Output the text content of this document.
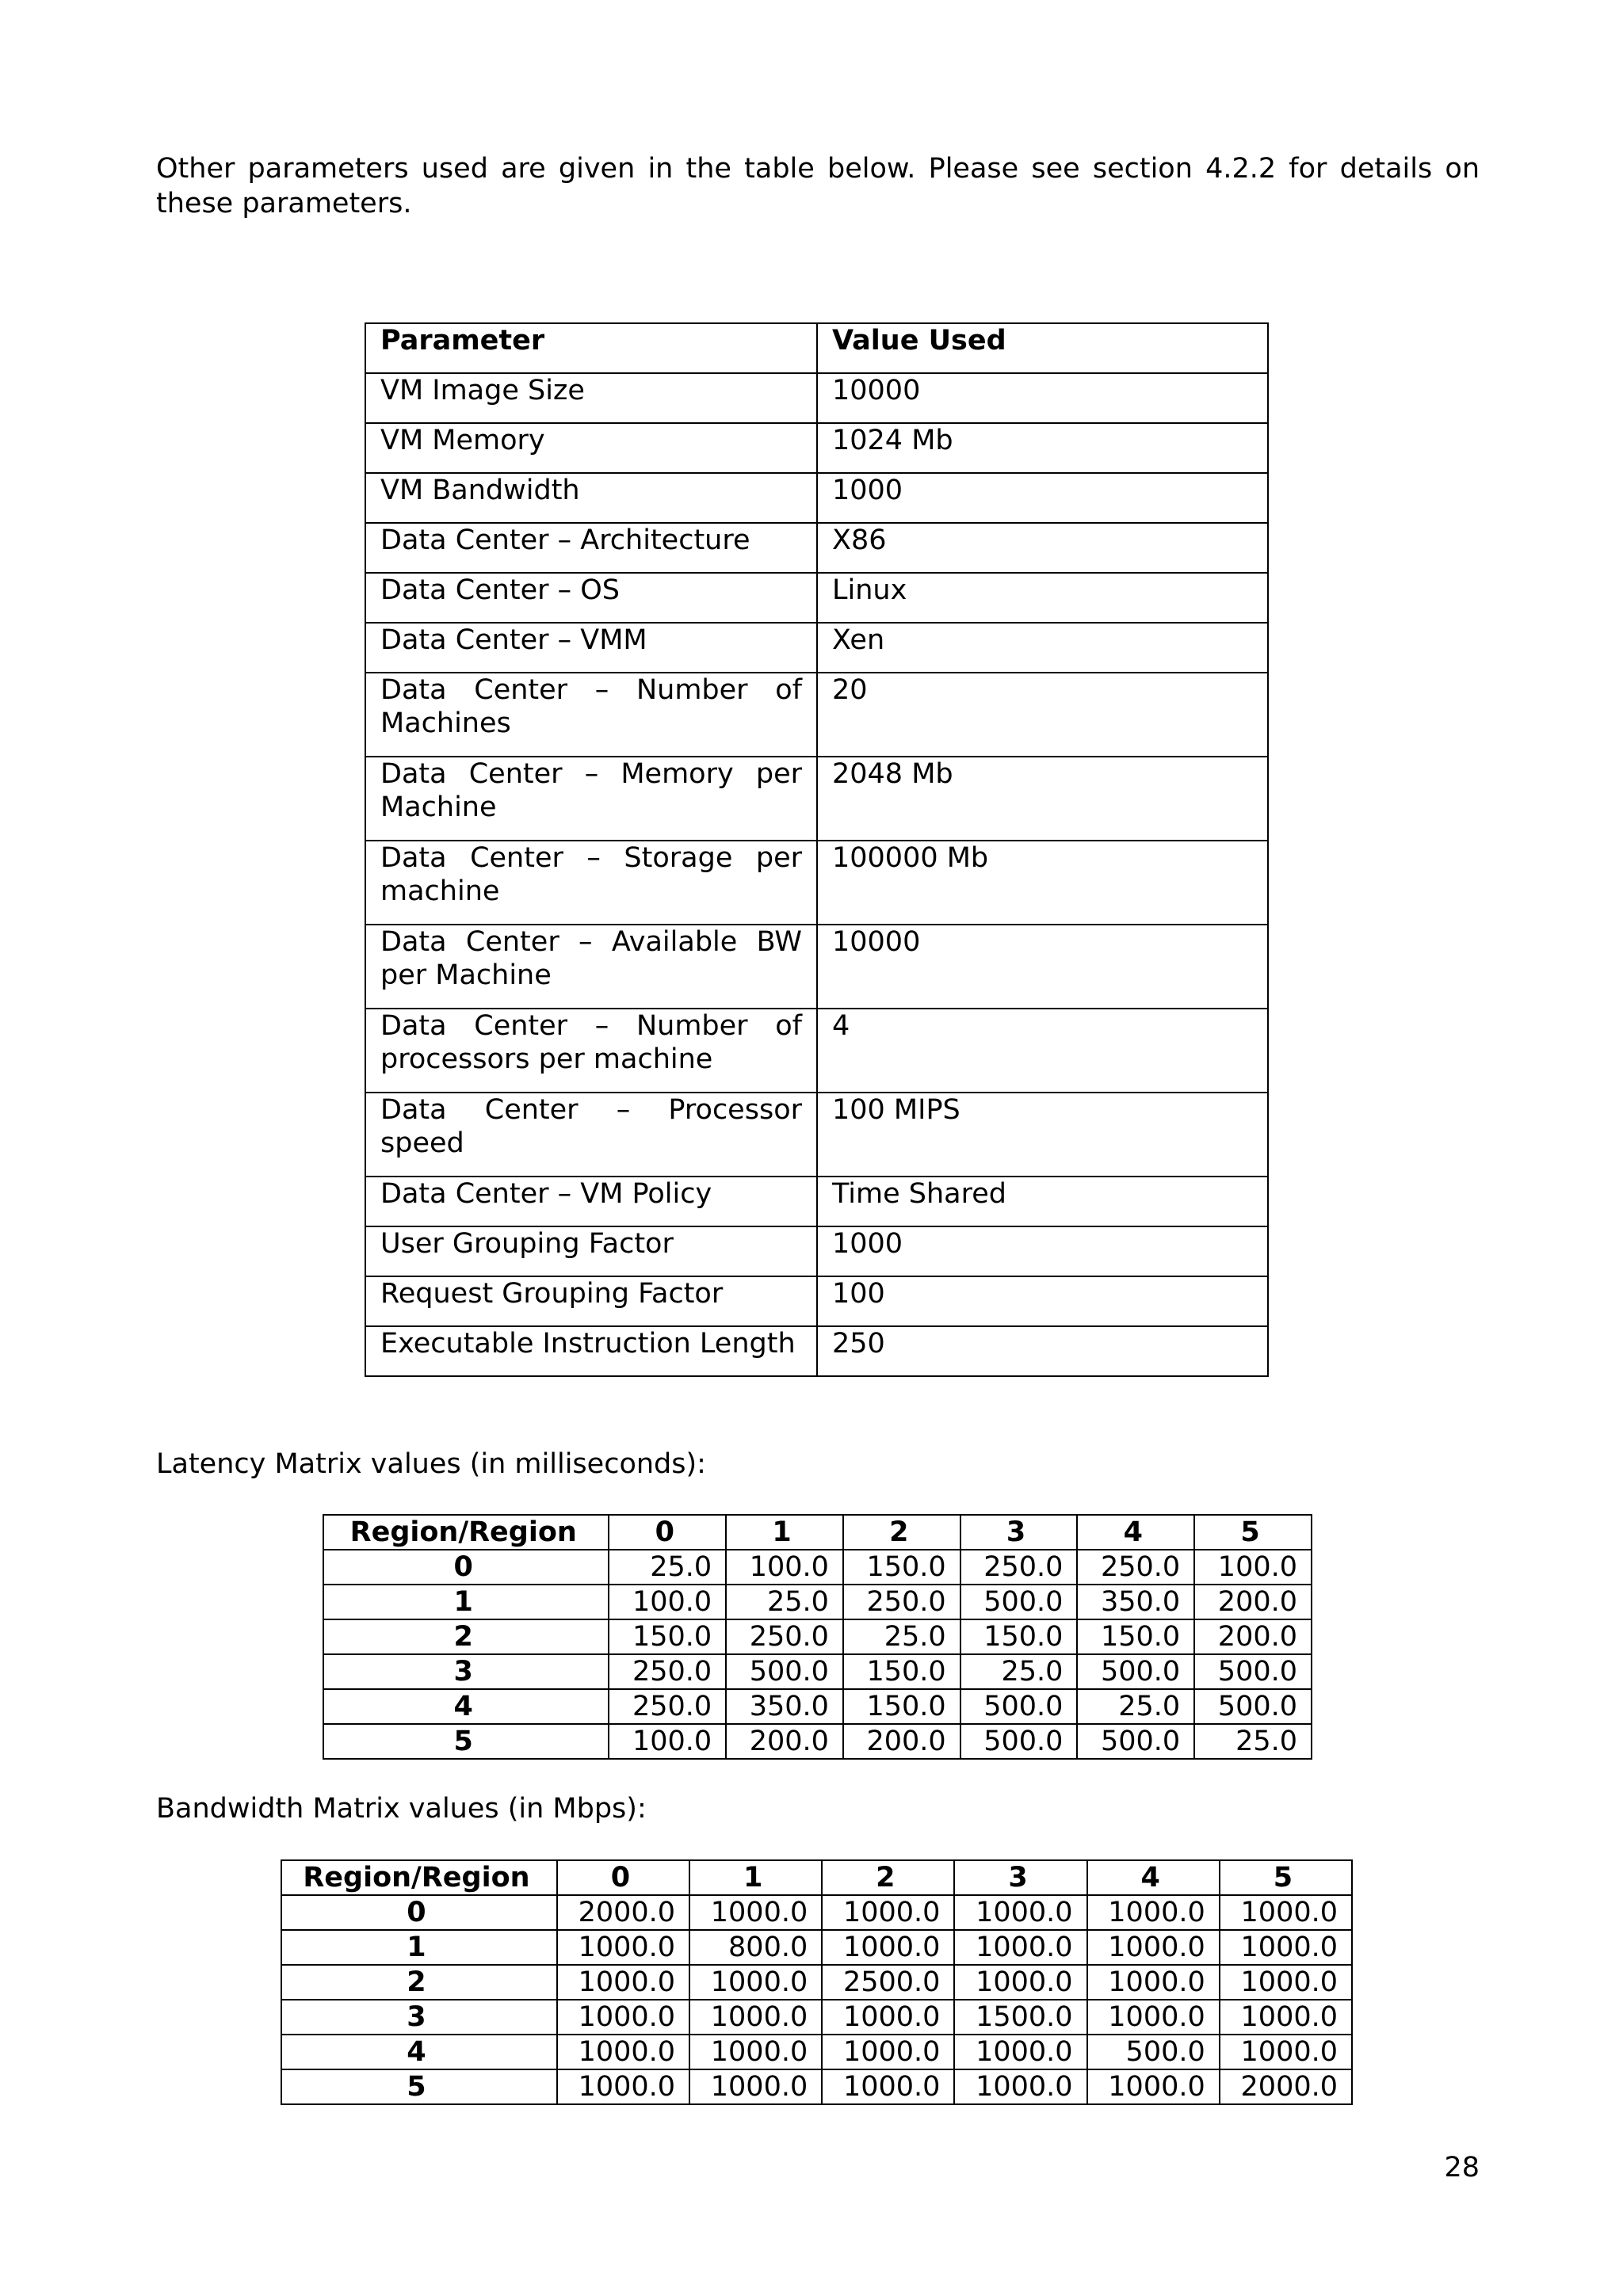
Other parameters used are given in the table below. Please see section 4.2.2 for details on these parameters.

Parameter	Value Used
VM Image Size	10000
VM Memory	1024 Mb
VM Bandwidth	1000
Data Center – Architecture	X86
Data Center – OS	Linux
Data Center – VMM	Xen
Data Center – Number of Machines	20
Data Center – Memory per Machine	2048 Mb
Data Center – Storage per machine	100000 Mb
Data Center – Available BW per Machine	10000
Data Center – Number of processors per machine	4
Data Center – Processor speed	100 MIPS
Data Center – VM Policy	Time Shared
User Grouping Factor	1000
Request Grouping Factor	100
Executable Instruction Length	250

Latency Matrix values (in milliseconds):

Region/Region	0	1	2	3	4	5
0	25.0	100.0	150.0	250.0	250.0	100.0
1	100.0	25.0	250.0	500.0	350.0	200.0
2	150.0	250.0	25.0	150.0	150.0	200.0
3	250.0	500.0	150.0	25.0	500.0	500.0
4	250.0	350.0	150.0	500.0	25.0	500.0
5	100.0	200.0	200.0	500.0	500.0	25.0

Bandwidth Matrix values (in Mbps):

Region/Region	0	1	2	3	4	5
0	2000.0	1000.0	1000.0	1000.0	1000.0	1000.0
1	1000.0	800.0	1000.0	1000.0	1000.0	1000.0
2	1000.0	1000.0	2500.0	1000.0	1000.0	1000.0
3	1000.0	1000.0	1000.0	1500.0	1000.0	1000.0
4	1000.0	1000.0	1000.0	1000.0	500.0	1000.0
5	1000.0	1000.0	1000.0	1000.0	1000.0	2000.0
28
